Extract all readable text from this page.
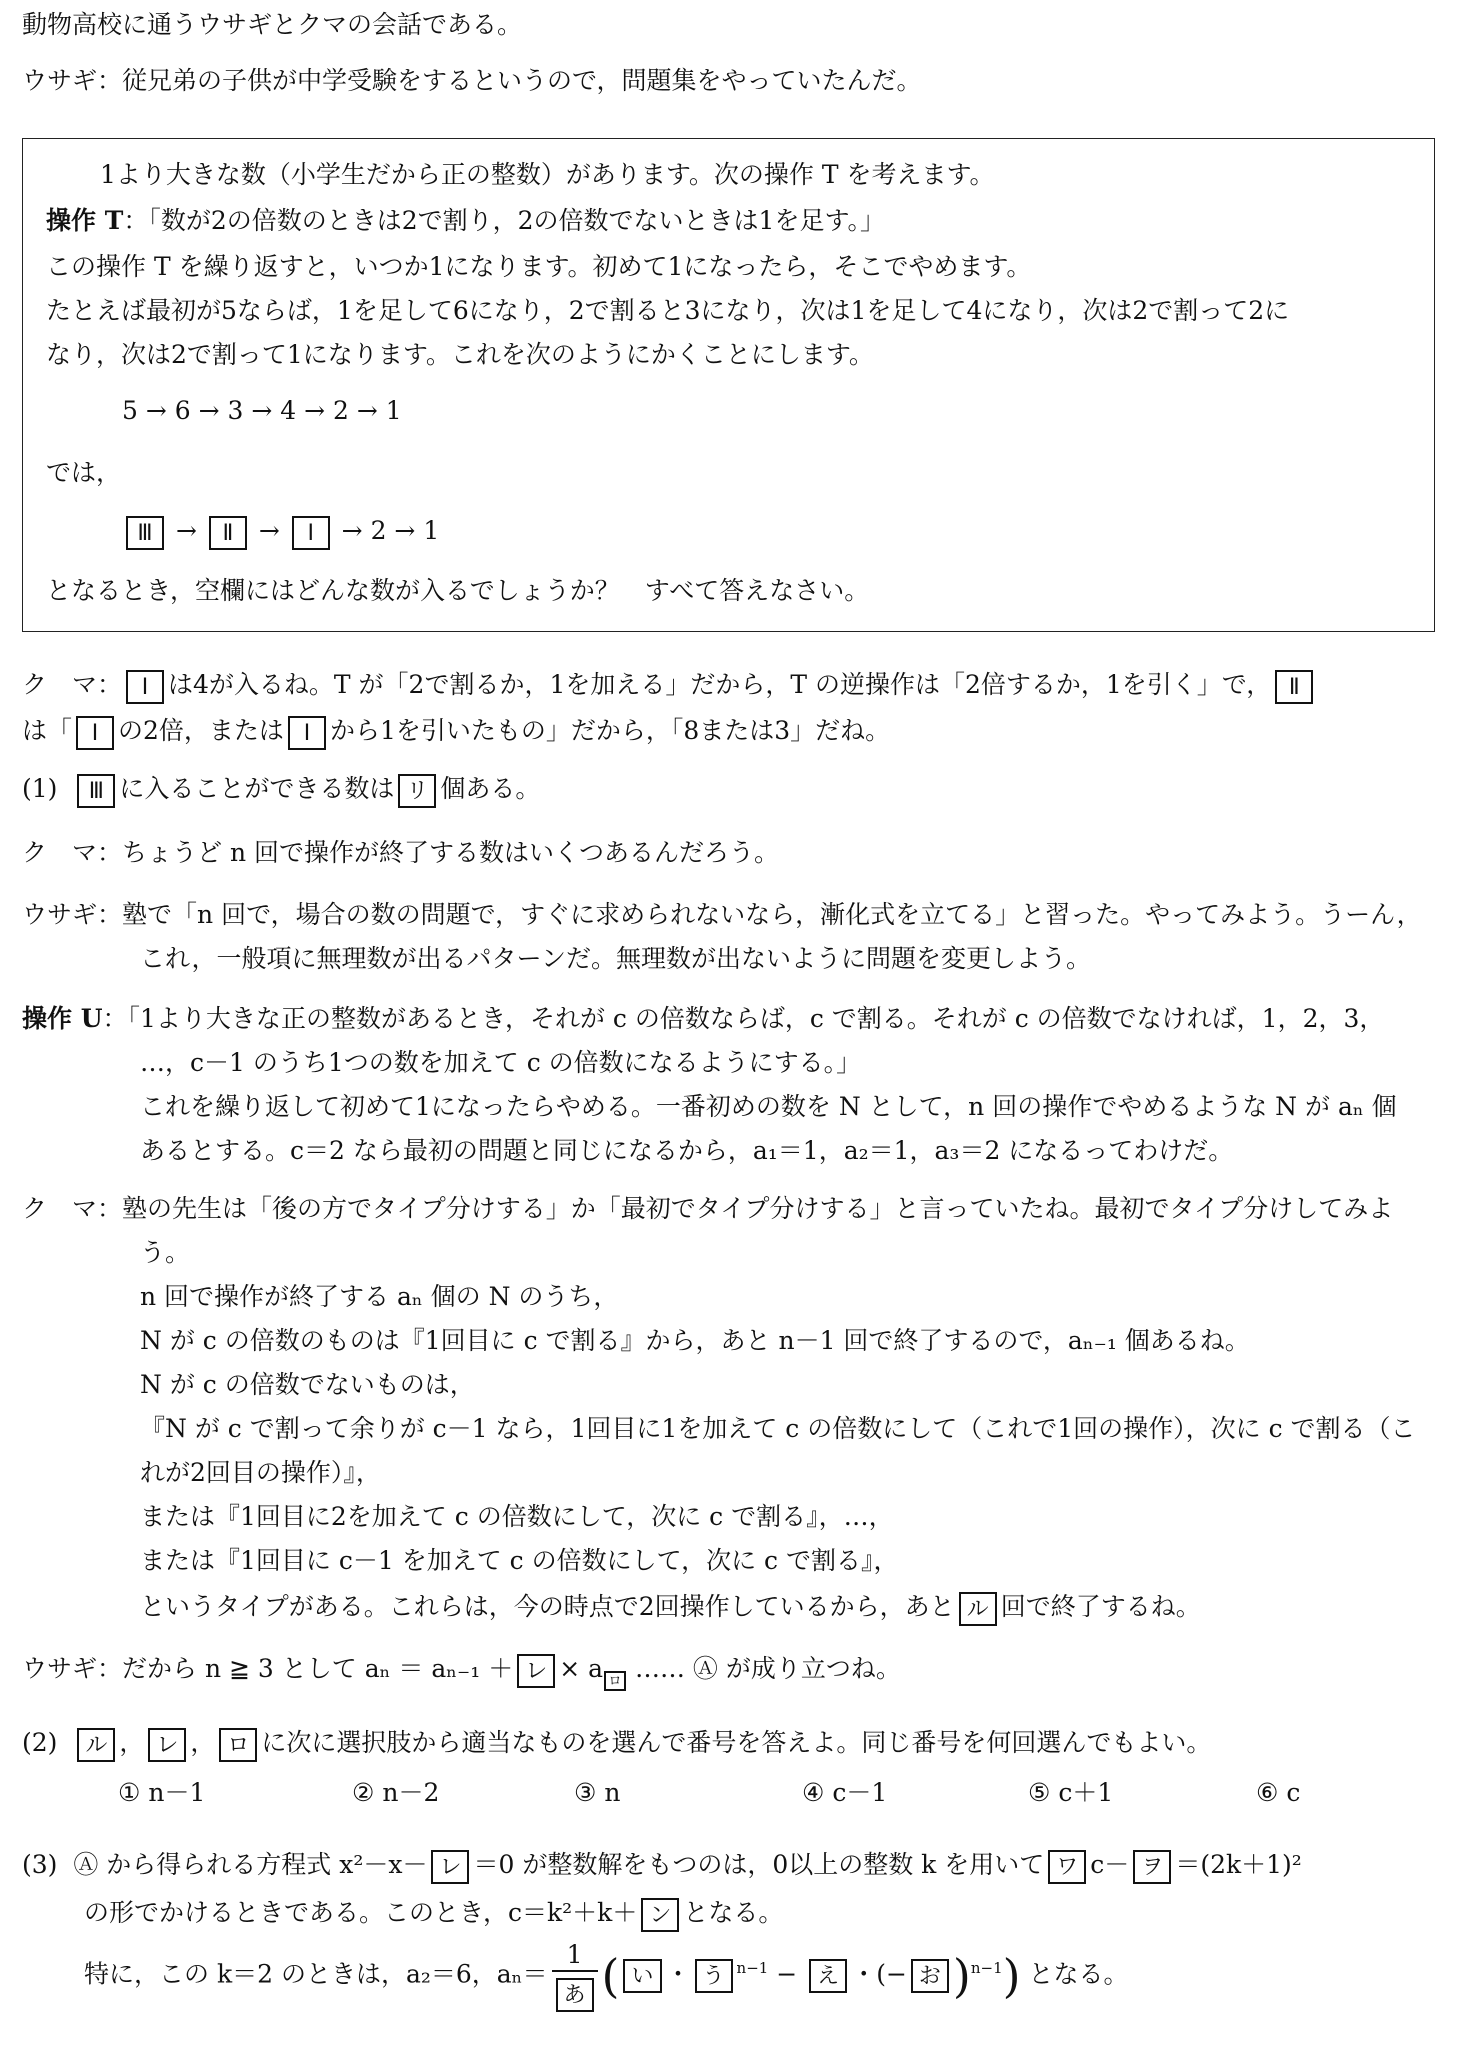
動物高校に通うウサギとクマの会話である。
ウサギ：従兄弟の子供が中学受験をするというので，問題集をやっていたんだ。
1より大きな数（小学生だから正の整数）があります。次の操作 T を考えます。
操作 T：「数が2の倍数のときは2で割り，2の倍数でないときは1を足す。」
この操作 T を繰り返すと，いつか1になります。初めて1になったら，そこでやめます。
たとえば最初が5ならば，1を足して6になり，2で割ると3になり，次は1を足して4になり，次は2で割って2に
なり，次は2で割って1になります。これを次のようにかくことにします。
5 → 6 → 3 → 4 → 2 → 1
では，
Ⅲ → Ⅱ → Ⅰ → 2 → 1
となるとき，空欄にはどんな数が入るでしょうか？　すべて答えなさい。
ク　マ： Ⅰ は4が入るね。T が「2で割るか，1を加える」だから，T の逆操作は「2倍するか，1を引く」で， Ⅱ
は「 Ⅰ の2倍，または Ⅰ から1を引いたもの」だから，「8または3」だね。
(1) Ⅲ に入ることができる数は リ 個ある。
ク　マ：ちょうど n 回で操作が終了する数はいくつあるんだろう。
ウサギ：塾で「n 回で，場合の数の問題で，すぐに求められないなら，漸化式を立てる」と習った。やってみよう。うーん，
これ，一般項に無理数が出るパターンだ。無理数が出ないように問題を変更しよう。
操作 U：「1より大きな正の整数があるとき，それが c の倍数ならば，c で割る。それが c の倍数でなければ，1，2，3，
…，c－1 のうち1つの数を加えて c の倍数になるようにする。」
これを繰り返して初めて1になったらやめる。一番初めの数を N として，n 回の操作でやめるような N が aₙ 個
あるとする。c＝2 なら最初の問題と同じになるから，a₁＝1，a₂＝1，a₃＝2 になるってわけだ。
ク　マ：塾の先生は「後の方でタイプ分けする」か「最初でタイプ分けする」と言っていたね。最初でタイプ分けしてみよ
う。
n 回で操作が終了する aₙ 個の N のうち，
N が c の倍数のものは『1回目に c で割る』から，あと n－1 回で終了するので，aₙ₋₁ 個あるね。
N が c の倍数でないものは，
『N が c で割って余りが c－1 なら，1回目に1を加えて c の倍数にして（これで1回の操作），次に c で割る（こ
れが2回目の操作）』，
または『1回目に2を加えて c の倍数にして，次に c で割る』，…，
または『1回目に c－1 を加えて c の倍数にして，次に c で割る』，
というタイプがある。これらは，今の時点で2回操作しているから，あと ル 回で終了するね。
ウサギ：だから n ≧ 3 として aₙ ＝ aₙ₋₁ ＋ レ × a ロ …… Ⓐ が成り立つね。
(2) ル ， レ ， ロ に次に選択肢から適当なものを選んで番号を答えよ。同じ番号を何回選んでもよい。
① n－1	② n－2	③ n	④ c－1	⑤ c＋1	⑥ c
(3) Ⓐ から得られる方程式 x²－x－ レ ＝0 が整数解をもつのは，0以上の整数 k を用いて ワ c－ ヲ ＝(2k＋1)²
の形でかけるときである。このとき，c＝k²＋k＋ ン となる。
特に，この k＝2 のときは，a₂＝6，$a_n= \frac{1}{\text{あ}}$ ( い ・ う $^{n-1}$ − え ・(− お )$^{n-1}$) となる。
